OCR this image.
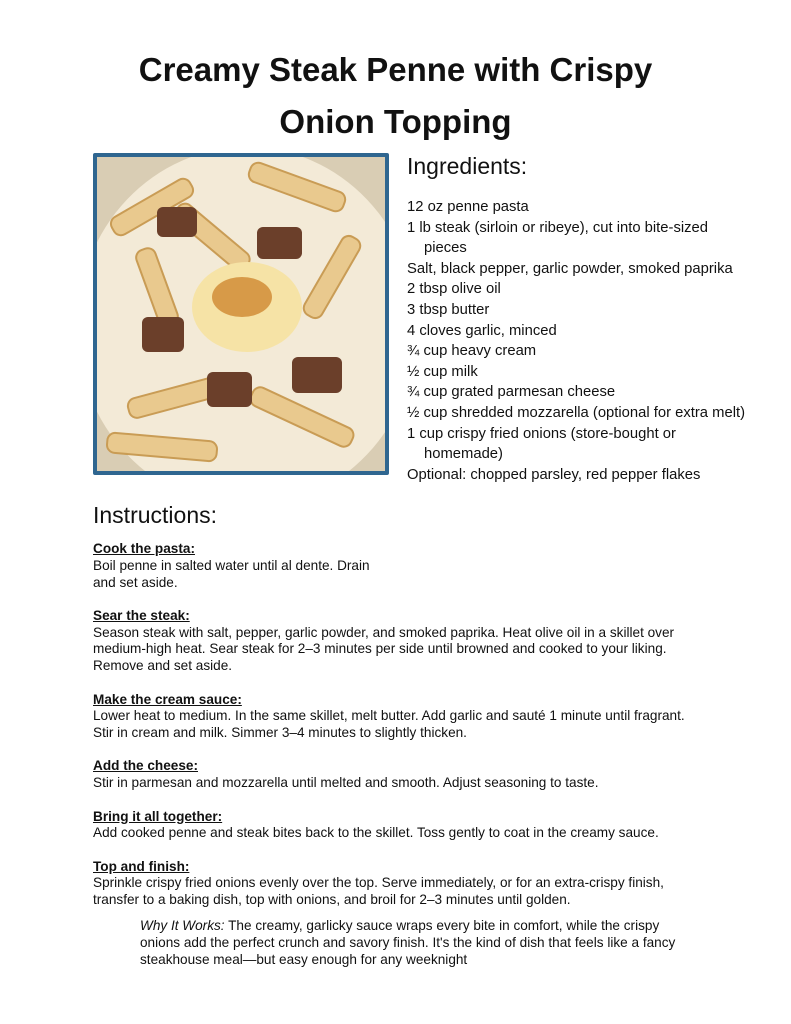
Creamy Steak Penne with Crispy
Onion Topping
Ingredients:
12 oz penne pasta
1 lb steak (sirloin or ribeye), cut into bite-sized pieces
Salt, black pepper, garlic powder, smoked paprika
2 tbsp olive oil
3 tbsp butter
4 cloves garlic, minced
¾ cup heavy cream
½ cup milk
¾ cup grated parmesan cheese
½ cup shredded mozzarella (optional for extra melt)
1 cup crispy fried onions (store-bought or homemade)
Optional: chopped parsley, red pepper flakes
Instructions:
Cook the pasta:
Boil penne in salted water until al dente. Drain and set aside.
Sear the steak:
Season steak with salt, pepper, garlic powder, and smoked paprika. Heat olive oil in a skillet over medium-high heat. Sear steak for 2–3 minutes per side until browned and cooked to your liking. Remove and set aside.
Make the cream sauce:
Lower heat to medium. In the same skillet, melt butter. Add garlic and sauté 1 minute until fragrant. Stir in cream and milk. Simmer 3–4 minutes to slightly thicken.
Add the cheese:
Stir in parmesan and mozzarella until melted and smooth. Adjust seasoning to taste.
Bring it all together:
Add cooked penne and steak bites back to the skillet. Toss gently to coat in the creamy sauce.
Top and finish:
Sprinkle crispy fried onions evenly over the top. Serve immediately, or for an extra-crispy finish, transfer to a baking dish, top with onions, and broil for 2–3 minutes until golden.
Why It Works: The creamy, garlicky sauce wraps every bite in comfort, while the crispy onions add the perfect crunch and savory finish. It's the kind of dish that feels like a fancy steakhouse meal—but easy enough for any weeknight
